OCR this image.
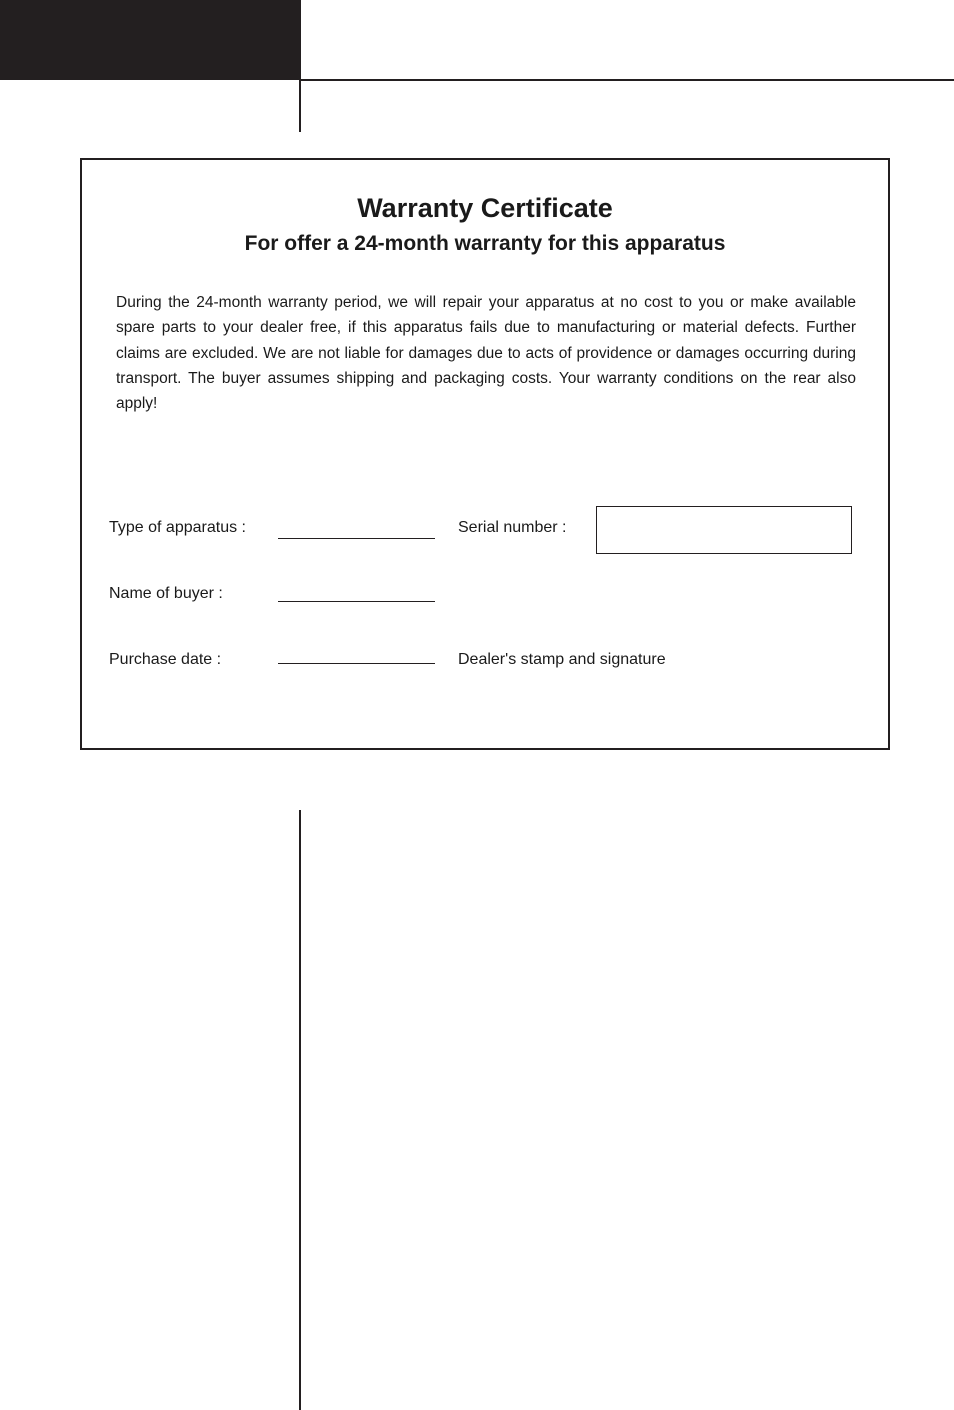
Warranty Certificate
For offer a 24-month warranty for this apparatus

During the 24-month warranty period, we will repair your apparatus at no cost to you or make available spare parts to your dealer free, if this apparatus fails due to manufacturing or material defects. Further claims are excluded. We are not liable for damages due to acts of providence or damages occurring during transport. The buyer assumes shipping and packaging costs. Your warranty conditions on the rear also apply!

Type of apparatus :	Serial number :
Name of buyer :
Purchase date :	Dealer's stamp and signature
